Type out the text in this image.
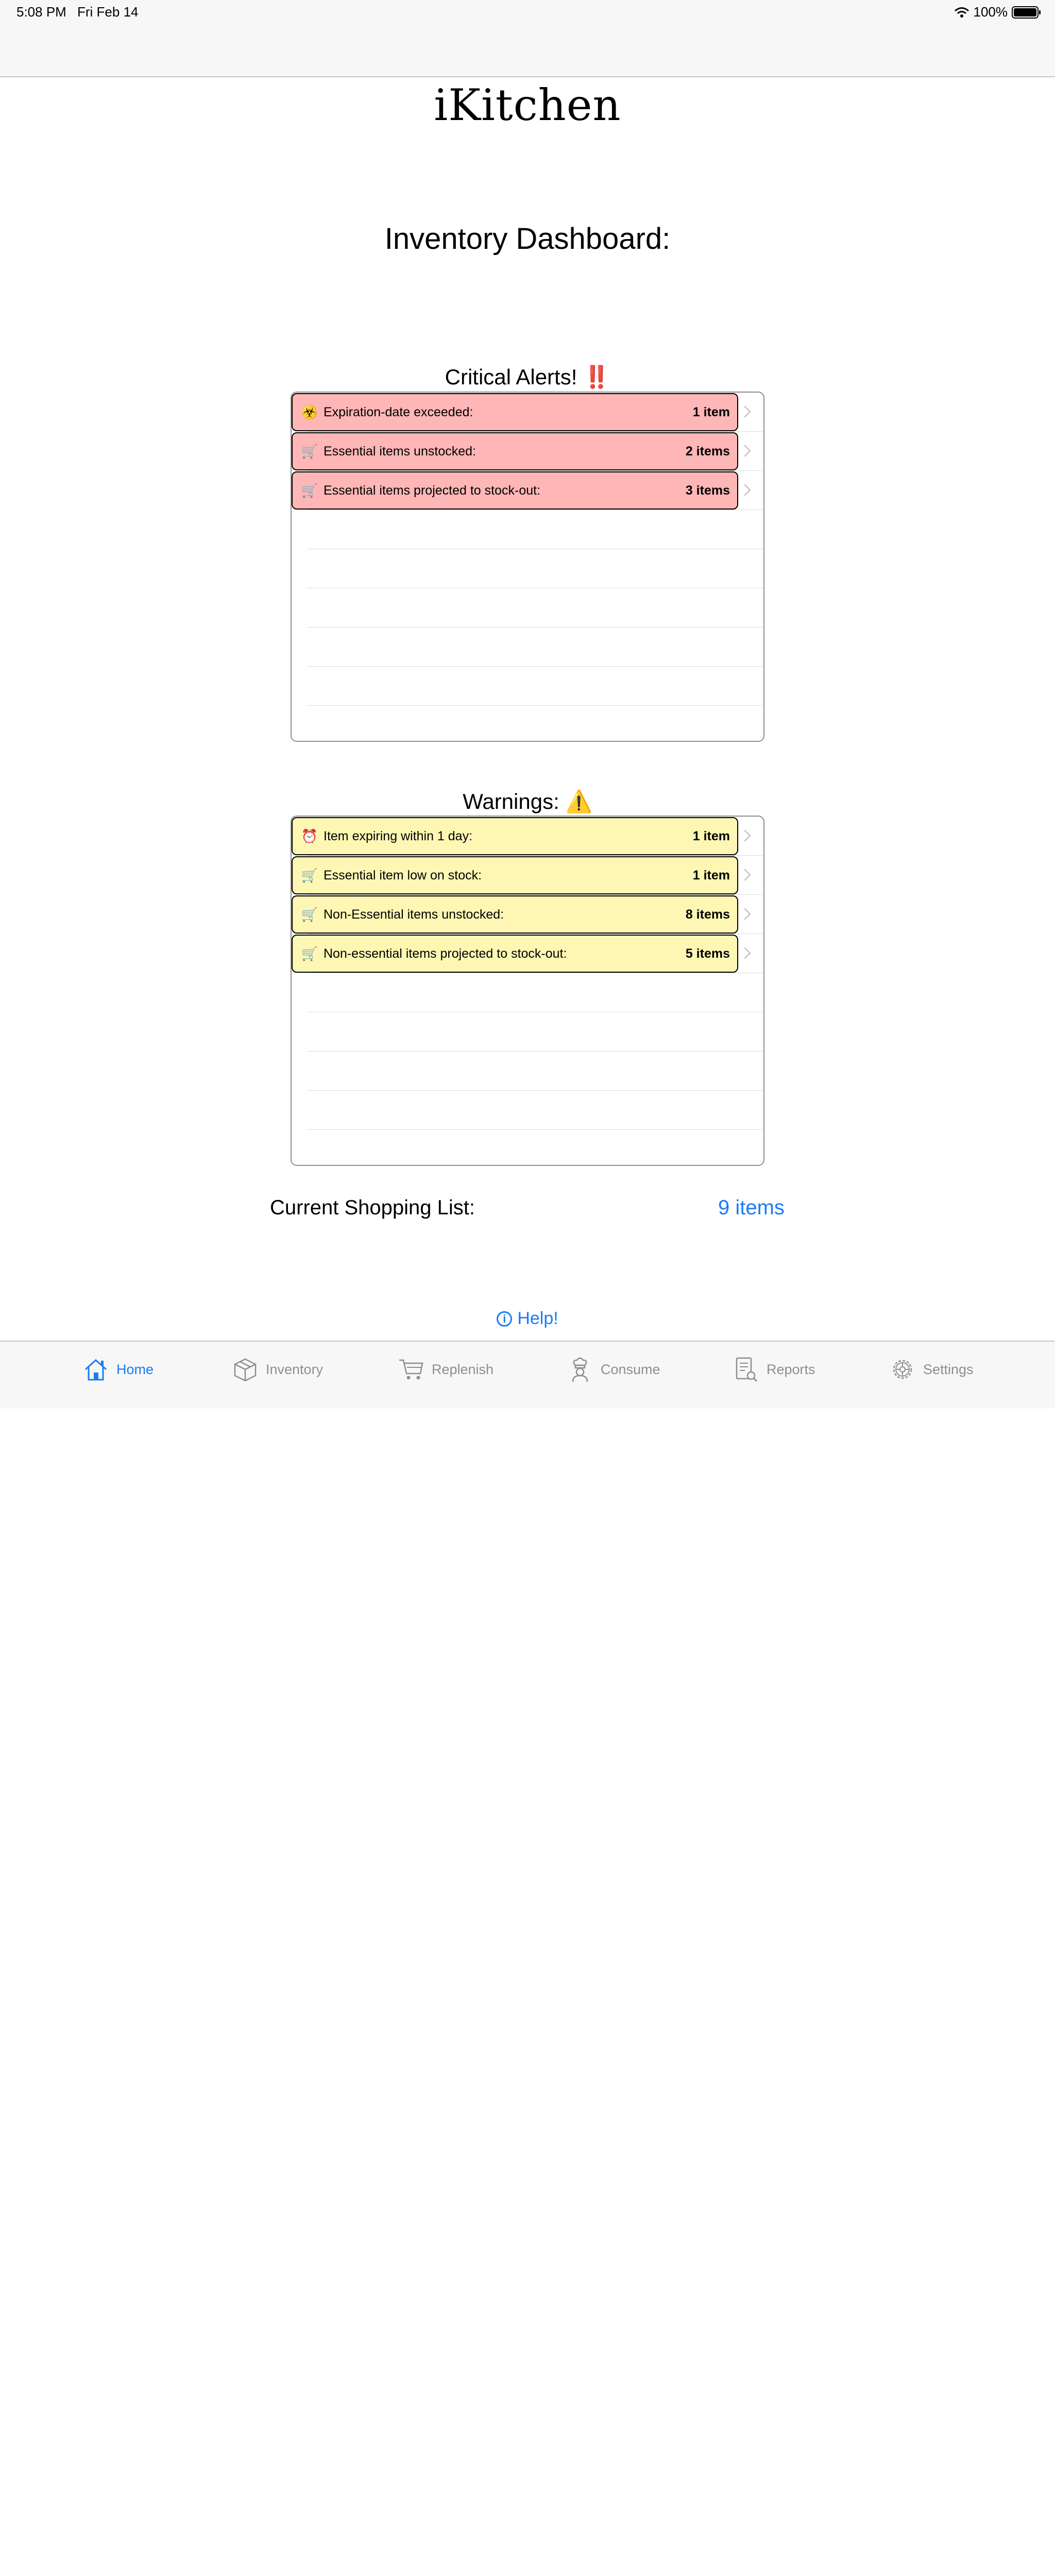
5:08 PM Fri Feb 14	100%
iKitchen
Inventory Dashboard:
Critical Alerts! ‼️
☣️ Expiration-date exceeded:	1 item
🛒 Essential items unstocked:	2 items
🛒 Essential items projected to stock-out:	3 items
Warnings: ⚠️
⏰ Item expiring within 1 day:	1 item
🛒 Essential item low on stock:	1 item
🛒 Non-Essential items unstocked:	8 items
🛒 Non-essential items projected to stock-out:	5 items
Current Shopping List:	9 items
i Help!
Home	Inventory	Replenish	Consume	Reports	Settings
